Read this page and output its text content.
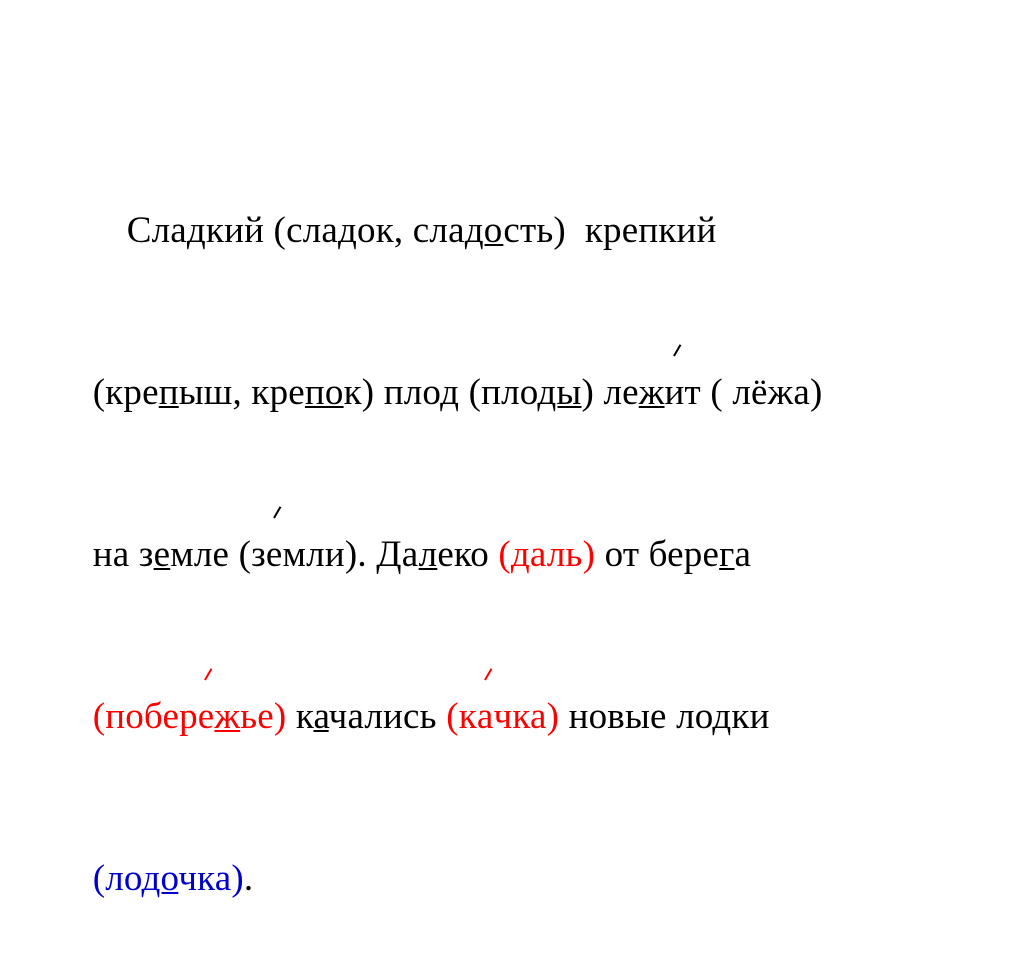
Сладкий (сладок, сладость) крепкий

(крепыш, крепок) плод (плоды) лежит ( лёжа)

на земле (земли). Далеко (даль) от берега

(побережье) качались (качка) новые лодки

(лодочка).
